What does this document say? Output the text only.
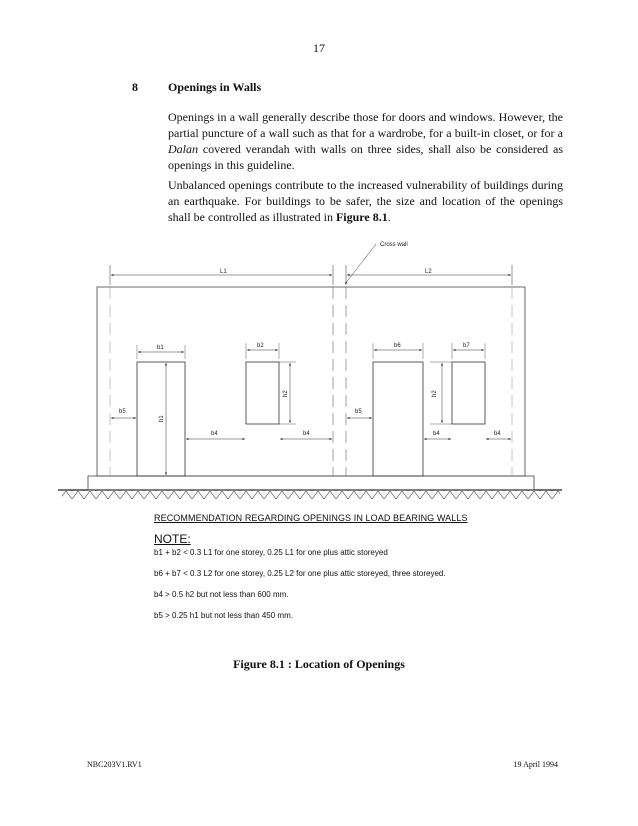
17
8	Openings in Walls

Openings in a wall generally describe those for doors and windows. However, the partial puncture of a wall such as that for a wardrobe, for a built-in closet, or for a Dalan covered verandah with walls on three sides, shall also be considered as openings in this guideline.

Unbalanced openings contribute to the increased vulnerability of buildings during an earthquake. For buildings to be safer, the size and location of the openings shall be controlled as illustrated in Figure 8.1.

Cross wall
L1	L2
b1	b2	b6	b7
h1
h2	h2
b5	b5
b4	b4	b4	b4
RECOMMENDATION REGARDING OPENINGS IN LOAD BEARING WALLS
NOTE:
b1 + b2 < 0.3 L1 for one storey, 0.25 L1 for one plus attic storeyed
b6 + b7 < 0.3 L2 for one storey, 0.25 L2 for one plus attic storeyed, three storeyed.
b4 > 0.5 h2 but not less than 600 mm.
b5 > 0.25 h1 but not less than 450 mm.
Figure 8.1 : Location of Openings
NBC203V1.RV1	19 April 1994
